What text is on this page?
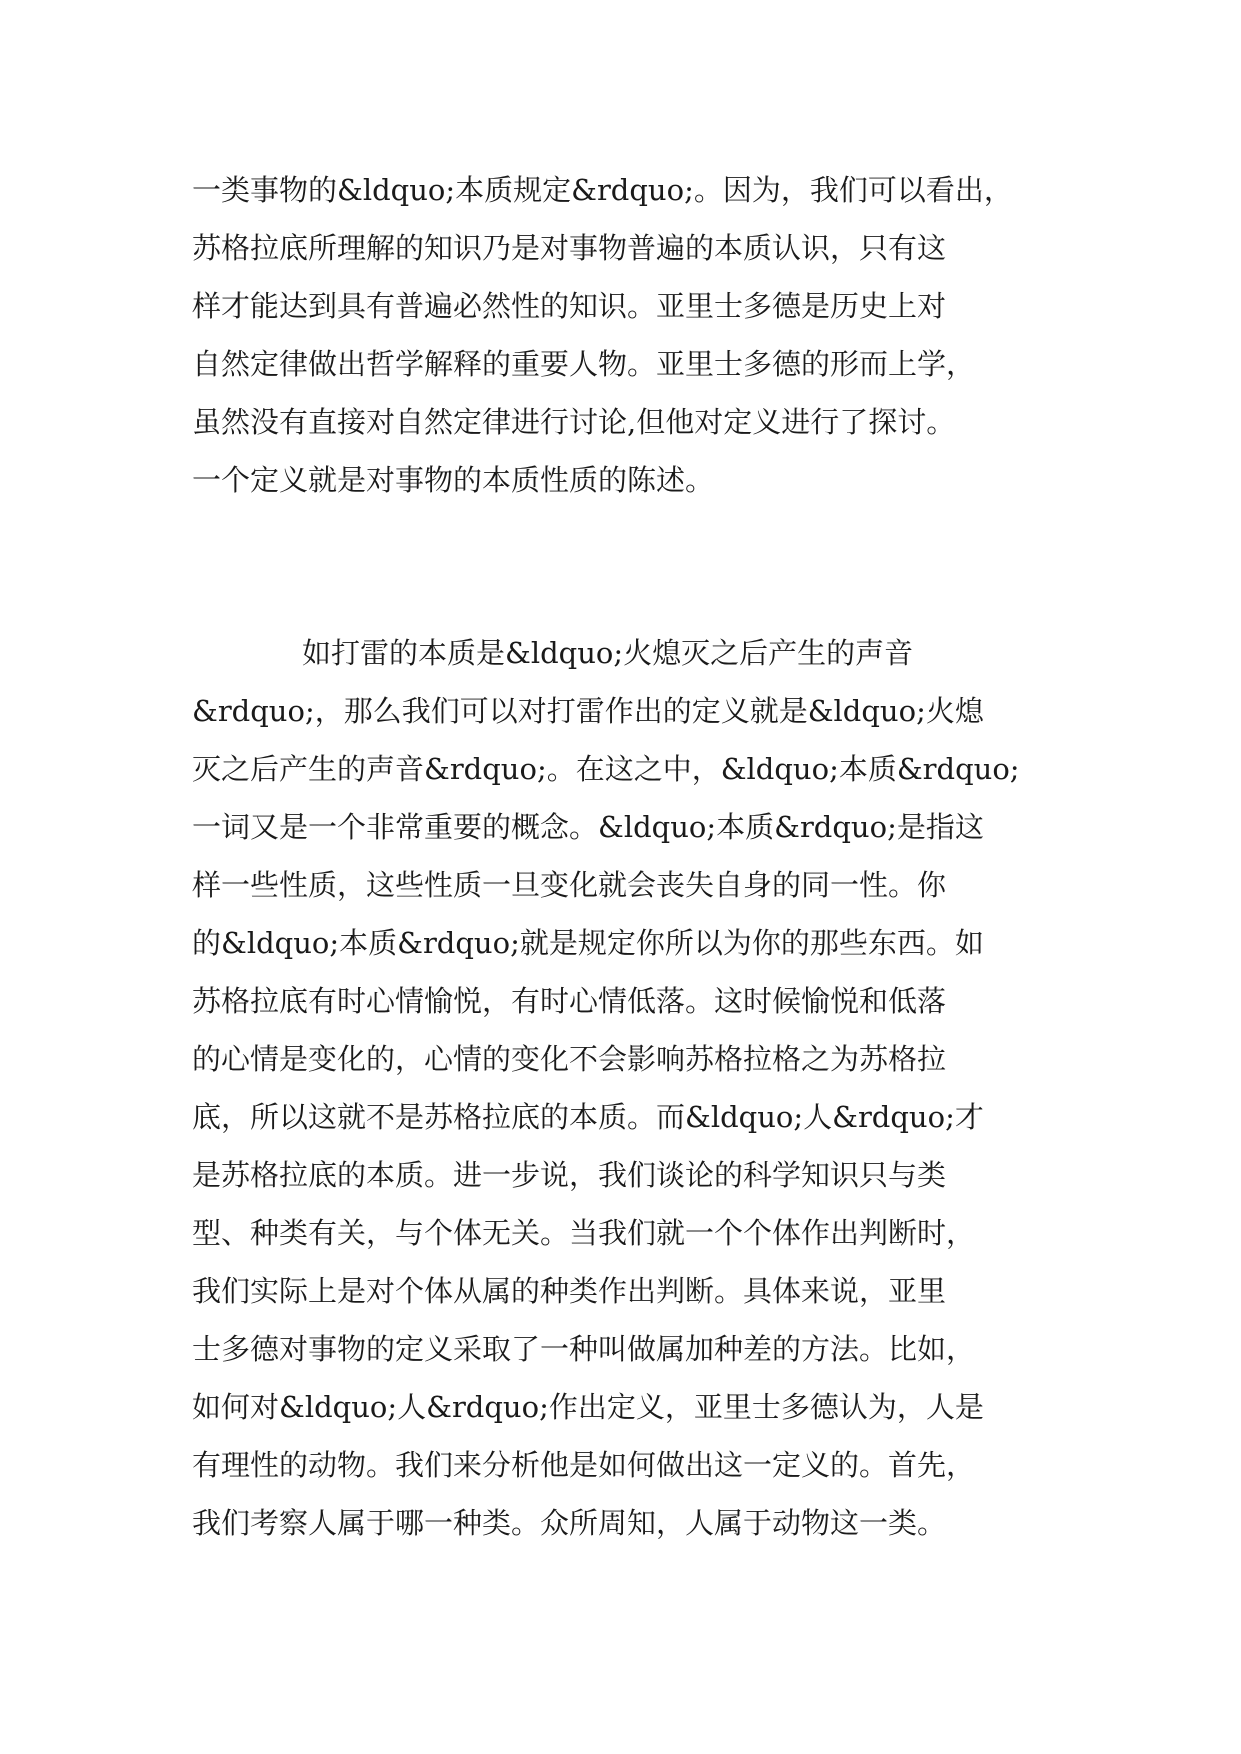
一类事物的&ldquo;本质规定&rdquo;。因为，我们可以看出，
苏格拉底所理解的知识乃是对事物普遍的本质认识，只有这
样才能达到具有普遍必然性的知识。亚里士多德是历史上对
自然定律做出哲学解释的重要人物。亚里士多德的形而上学，
虽然没有直接对自然定律进行讨论,但他对定义进行了探讨。
一个定义就是对事物的本质性质的陈述。
如打雷的本质是&ldquo;火熄灭之后产生的声音
&rdquo;，那么我们可以对打雷作出的定义就是&ldquo;火熄
灭之后产生的声音&rdquo;。在这之中，&ldquo;本质&rdquo;
一词又是一个非常重要的概念。&ldquo;本质&rdquo;是指这
样一些性质，这些性质一旦变化就会丧失自身的同一性。你
的&ldquo;本质&rdquo;就是规定你所以为你的那些东西。如
苏格拉底有时心情愉悦，有时心情低落。这时候愉悦和低落
的心情是变化的，心情的变化不会影响苏格拉格之为苏格拉
底，所以这就不是苏格拉底的本质。而&ldquo;人&rdquo;才
是苏格拉底的本质。进一步说，我们谈论的科学知识只与类
型、种类有关，与个体无关。当我们就一个个体作出判断时，
我们实际上是对个体从属的种类作出判断。具体来说，亚里
士多德对事物的定义采取了一种叫做属加种差的方法。比如，
如何对&ldquo;人&rdquo;作出定义，亚里士多德认为，人是
有理性的动物。我们来分析他是如何做出这一定义的。首先，
我们考察人属于哪一种类。众所周知，人属于动物这一类。
